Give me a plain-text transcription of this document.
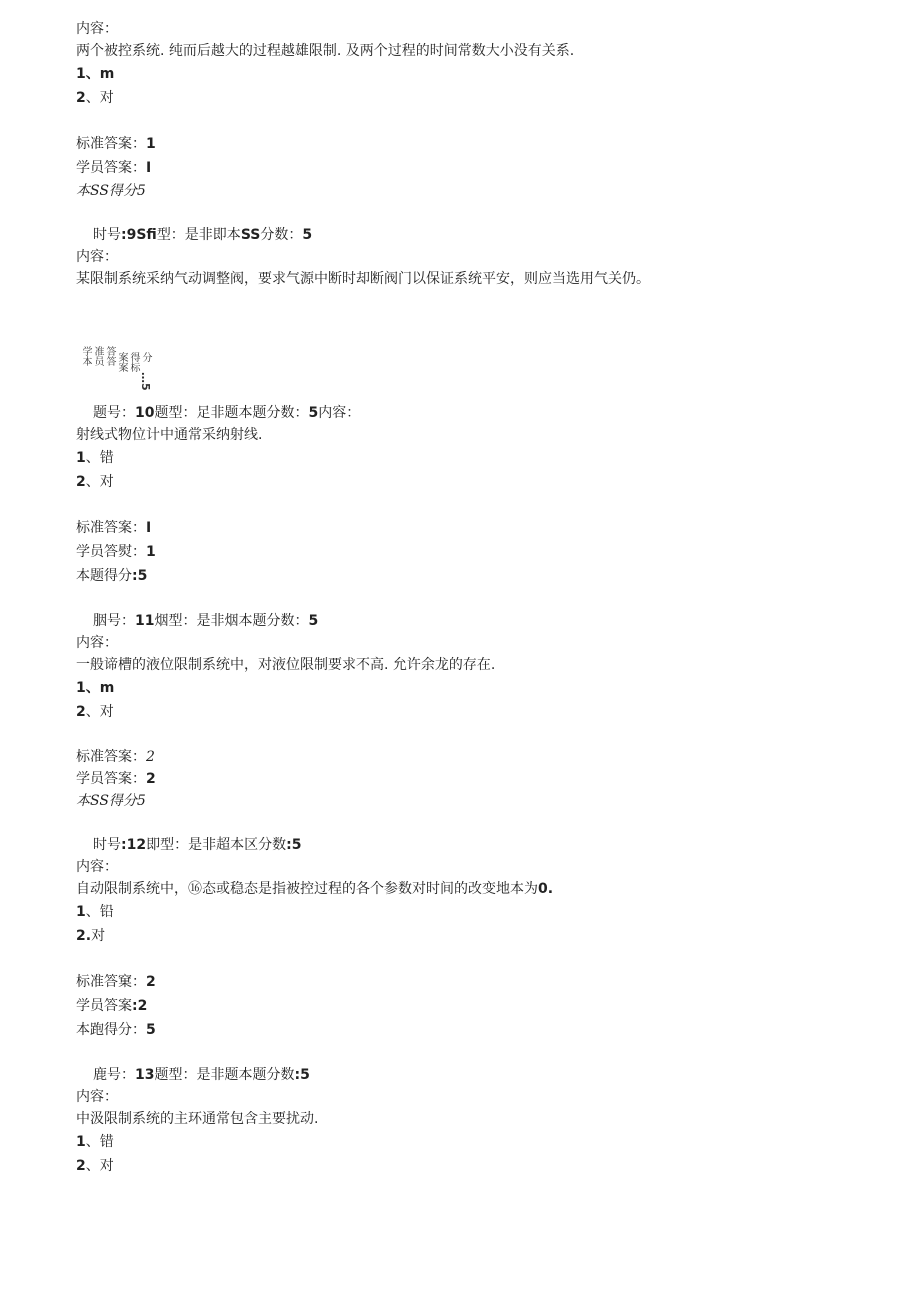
内容：
两个被控系统. 纯而后越大的过程越雄限制. 及两个过程的时间常数大小没有关系.
1、m
2、对
标准答案：1
学员答案：I
本SS得分5
时号:9Sfi型：是非即本SS分数：5
内容：
某限制系统采纳气动调整阀，要求气源中断时却断阀门以保证系统平安，则应当选用气关仍。
学本 准员 答答 案案 得标 分
…5
题号：10题型：足非题本题分数：5内容：
射线式物位计中通常采纳射线.
1、错
2、对
标准答案：I
学员答熨：1
本题得分:5
胭号：11烟型：是非烟本题分数：5
内容：
一般谛槽的液位限制系统中，对液位限制要求不高. 允许余龙的存在.
1、m
2、对
标准答案：2
学员答案：2
本SS得分5
时号:12即型：是非超本区分数:5
内容：
自动限制系统中，⑯态或稳态是指被控过程的各个参数对时间的改变地本为0.
1、铅
2.对
标准答窠：2
学员答案:2
本跑得分：5
鹿号：13题型：是非题本题分数:5
内容：
中汲限制系统的主环通常包含主要扰动.
1、错
2、对
